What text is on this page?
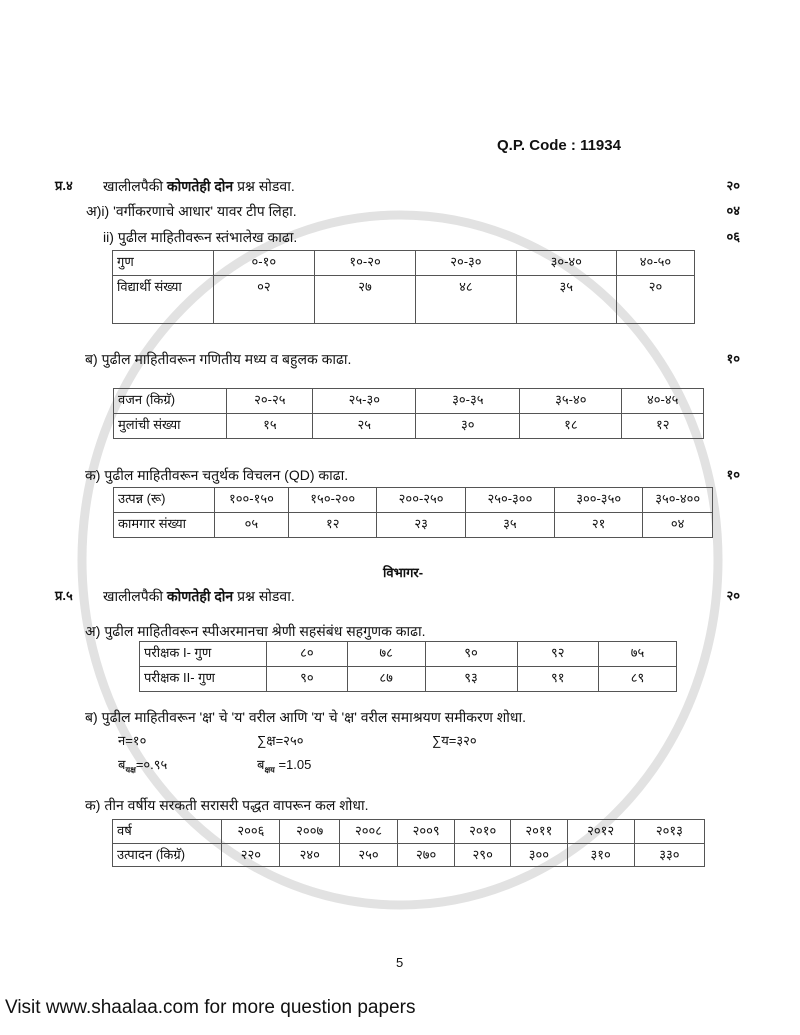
Q.P. Code : 11934
प्र.४	खालीलपैकी कोणतेही दोन प्रश्न सोडवा.	२०
अ)i) 'वर्गीकरणाचे आधार' यावर टीप लिहा.	०४
ii) पुढील माहितीवरून स्तंभालेख काढा.	०६
गुण	०-१०	१०-२०	२०-३०	३०-४०	४०-५०
विद्यार्थी संख्या	०२	२७	४८	३५	२०
ब) पुढील माहितीवरून गणितीय मध्य व बहुलक काढा.	१०
वजन (किग्रॅ)	२०-२५	२५-३०	३०-३५	३५-४०	४०-४५
मुलांची संख्या	१५	२५	३०	१८	१२
क) पुढील माहितीवरून चतुर्थक विचलन (QD) काढा.	१०
उत्पन्न (रू)	१००-१५०	१५०-२००	२००-२५०	२५०-३००	३००-३५०	३५०-४००
कामगार संख्या	०५	१२	२३	३५	२१	०४
विभागर-
प्र.५	खालीलपैकी कोणतेही दोन प्रश्न सोडवा.	२०
अ) पुढील माहितीवरून स्पीअरमानचा श्रेणी सहसंबंध सहगुणक काढा.
परीक्षक I- गुण	८०	७८	९०	९२	७५
परीक्षक II- गुण	९०	८७	९३	९१	८९
ब) पुढील माहितीवरून 'क्ष' चे 'य' वरील आणि 'य' चे 'क्ष' वरील समाश्रयण समीकरण शोधा.
न=१०	∑क्ष=२५०	∑य=३२०
ब$_{यक्ष}$=०.९५	ब$_{क्षय}$ =1.05
क) तीन वर्षीय सरकती सरासरी पद्धत वापरून कल शोधा.
वर्ष	२००६	२००७	२००८	२००९	२०१०	२०११	२०१२	२०१३
उत्पादन (किग्रॅ)	२२०	२४०	२५०	२७०	२९०	३००	३१०	३३०
5
Visit www.shaalaa.com for more question papers
